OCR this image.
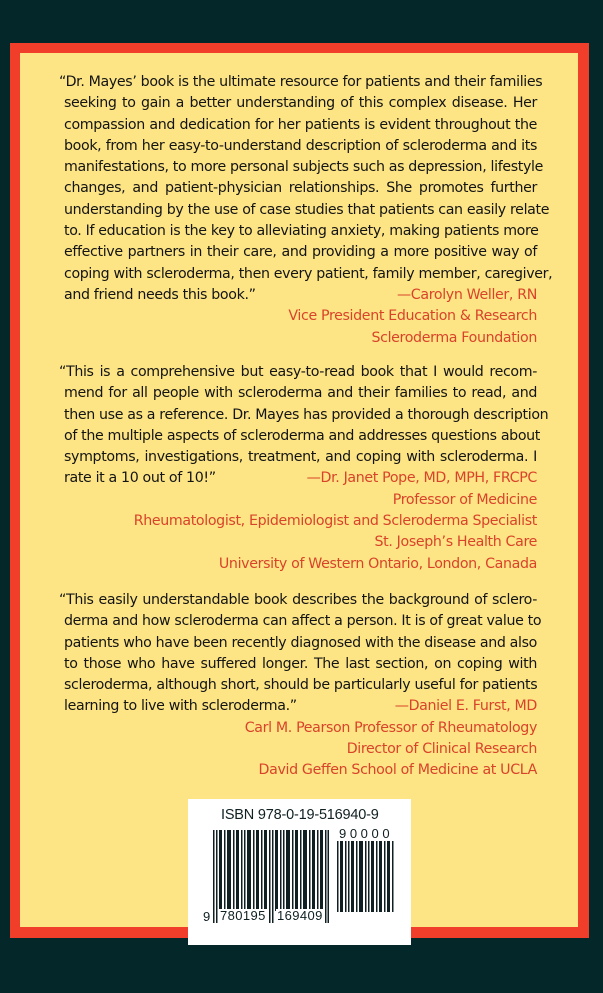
“Dr. Mayes’ book is the ultimate resource for patients and their families
seeking to gain a better understanding of this complex disease. Her
compassion and dedication for her patients is evident throughout the
book, from her easy-to-understand description of scleroderma and its
manifestations, to more personal subjects such as depression, lifestyle
changes, and patient-physician relationships. She promotes further
understanding by the use of case studies that patients can easily relate
to. If education is the key to alleviating anxiety, making patients more
effective partners in their care, and providing a more positive way of
coping with scleroderma, then every patient, family member, caregiver,
and friend needs this book.”	—Carolyn Weller, RN
Vice President Education & Research
Scleroderma Foundation
“This is a comprehensive but easy-to-read book that I would recom-
mend for all people with scleroderma and their families to read, and
then use as a reference. Dr. Mayes has provided a thorough description
of the multiple aspects of scleroderma and addresses questions about
symptoms, investigations, treatment, and coping with scleroderma. I
rate it a 10 out of 10!”	—Dr. Janet Pope, MD, MPH, FRCPC
Professor of Medicine
Rheumatologist, Epidemiologist and Scleroderma Specialist
St. Joseph’s Health Care
University of Western Ontario, London, Canada
“This easily understandable book describes the background of sclero-
derma and how scleroderma can affect a person. It is of great value to
patients who have been recently diagnosed with the disease and also
to those who have suffered longer. The last section, on coping with
scleroderma, although short, should be particularly useful for patients
learning to live with scleroderma.”	—Daniel E. Furst, MD
Carl M. Pearson Professor of Rheumatology
Director of Clinical Research
David Geffen School of Medicine at UCLA
ISBN 978-0-19-516940-9
90000
9 780195 169409
